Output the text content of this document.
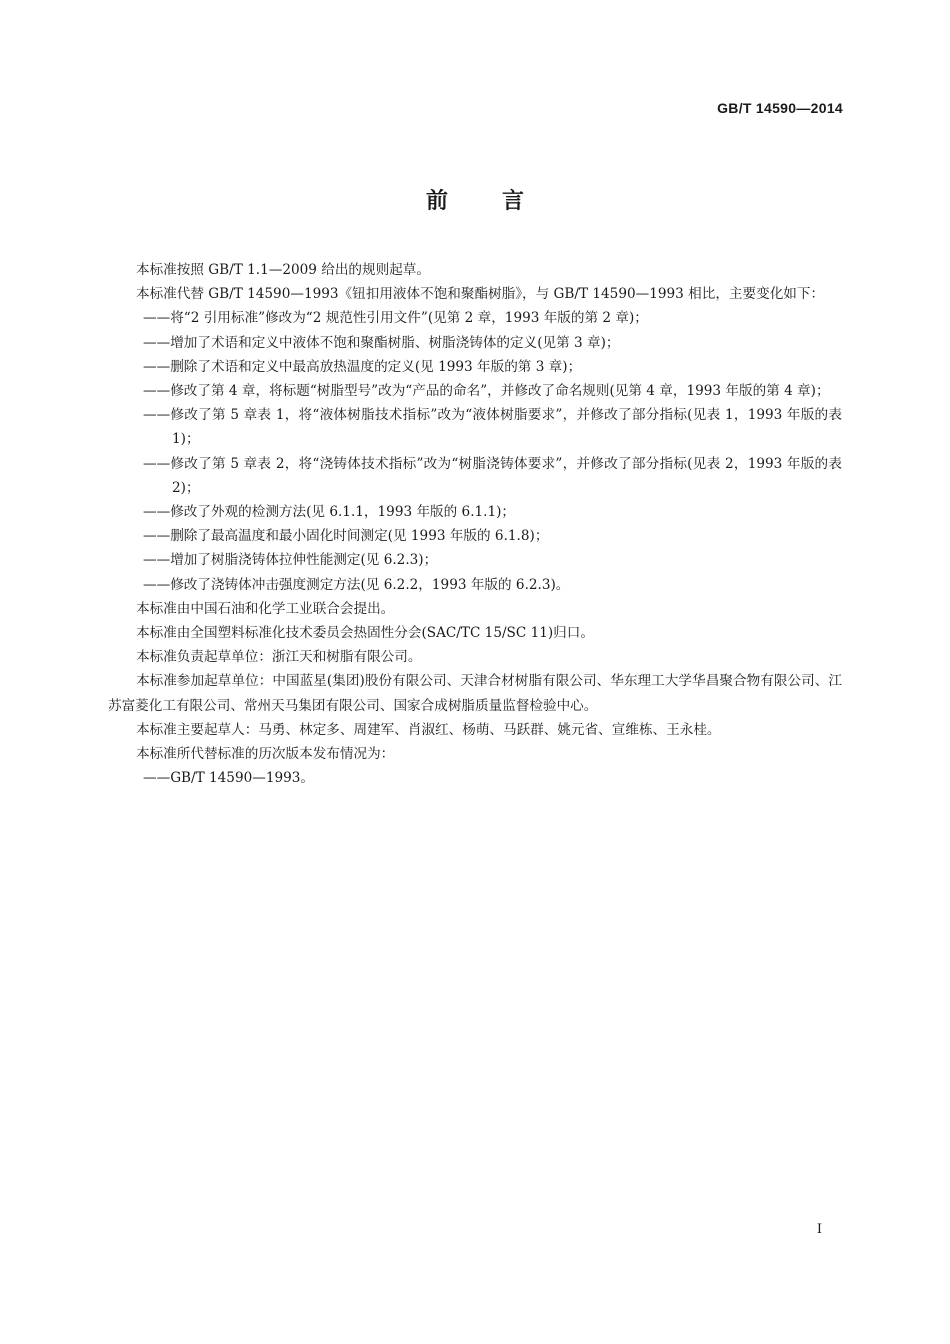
GB/T 14590—2014
前言

本标准按照 GB/T 1.1—2009 给出的规则起草。

本标准代替 GB/T 14590—1993《钮扣用液体不饱和聚酯树脂》，与 GB/T 14590—1993 相比，主要变化如下：

——将“2 引用标准”修改为“2 规范性引用文件”(见第 2 章，1993 年版的第 2 章)；

——增加了术语和定义中液体不饱和聚酯树脂、树脂浇铸体的定义(见第 3 章)；

——删除了术语和定义中最高放热温度的定义(见 1993 年版的第 3 章)；

——修改了第 4 章，将标题“树脂型号”改为“产品的命名”，并修改了命名规则(见第 4 章，1993 年版的第 4 章)；

——修改了第 5 章表 1，将“液体树脂技术指标”改为“液体树脂要求”，并修改了部分指标(见表 1，1993 年版的表 1)；

——修改了第 5 章表 2，将“浇铸体技术指标”改为“树脂浇铸体要求”，并修改了部分指标(见表 2，1993 年版的表 2)；

——修改了外观的检测方法(见 6.1.1，1993 年版的 6.1.1)；

——删除了最高温度和最小固化时间测定(见 1993 年版的 6.1.8)；

——增加了树脂浇铸体拉伸性能测定(见 6.2.3)；

——修改了浇铸体冲击强度测定方法(见 6.2.2，1993 年版的 6.2.3)。

本标准由中国石油和化学工业联合会提出。

本标准由全国塑料标准化技术委员会热固性分会(SAC/TC 15/SC 11)归口。

本标准负责起草单位：浙江天和树脂有限公司。

本标准参加起草单位：中国蓝星(集团)股份有限公司、天津合材树脂有限公司、华东理工大学华昌聚合物有限公司、江苏富菱化工有限公司、常州天马集团有限公司、国家合成树脂质量监督检验中心。

本标准主要起草人：马勇、林定多、周建军、肖淑红、杨萌、马跃群、姚元省、宣维栋、王永桂。

本标准所代替标准的历次版本发布情况为：

——GB/T 14590—1993。

I
